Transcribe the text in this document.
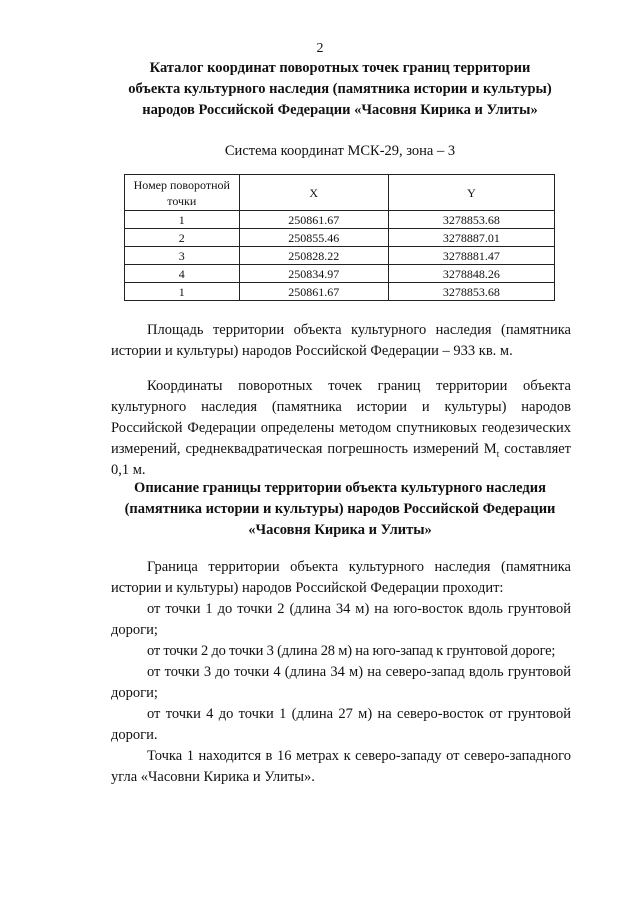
2
Каталог координат поворотных точек границ территории
объекта культурного наследия (памятника истории и культуры)
народов Российской Федерации «Часовня Кирика и Улиты»
Система координат МСК-29, зона – 3
Номер поворотной точки	X	Y
1	250861.67	3278853.68
2	250855.46	3278887.01
3	250828.22	3278881.47
4	250834.97	3278848.26
1	250861.67	3278853.68
Площадь территории объекта культурного наследия (памятника истории и культуры) народов Российской Федерации – 933 кв. м.
Координаты поворотных точек границ территории объекта культурного наследия (памятника истории и культуры) народов Российской Федерации определены методом спутниковых геодезических измерений, среднеквадратическая погрешность измерений $M_t$ составляет 0,1 м.
Описание границы территории объекта культурного наследия
(памятника истории и культуры) народов Российской Федерации
«Часовня Кирика и Улиты»
Граница территории объекта культурного наследия (памятника истории и культуры) народов Российской Федерации проходит:
от точки 1 до точки 2 (длина 34 м) на юго-восток вдоль грунтовой дороги;
от точки 2 до точки 3 (длина 28 м) на юго-запад к грунтовой дороге;
от точки 3 до точки 4 (длина 34 м) на северо-запад вдоль грунтовой дороги;
от точки 4 до точки 1 (длина 27 м) на северо-восток от грунтовой дороги.
Точка 1 находится в 16 метрах к северо-западу от северо-западного угла «Часовни Кирика и Улиты».
